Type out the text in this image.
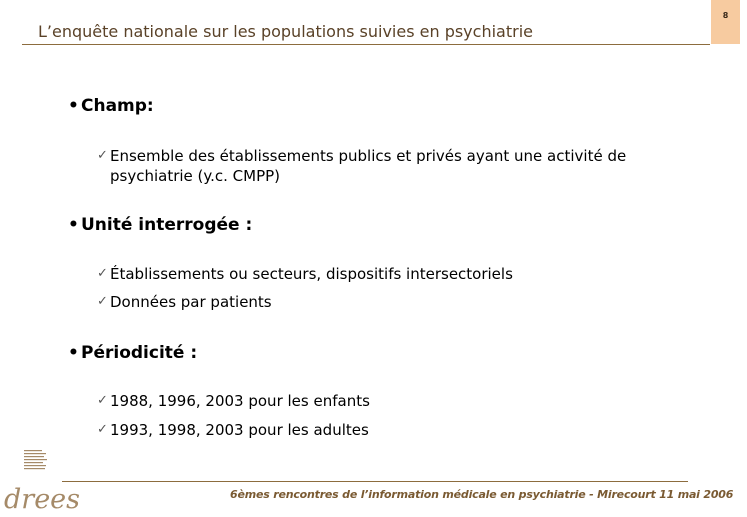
L’enquête nationale sur les populations suivies en psychiatrie
8
• Champ:
✓ Ensemble des établissements publics et privés ayant une activité de
psychiatrie (y.c. CMPP)
• Unité interrogée :
✓ Établissements ou secteurs, dispositifs intersectoriels
✓ Données par patients
• Périodicité :
✓ 1988, 1996, 2003 pour les enfants
✓ 1993, 1998, 2003 pour les adultes
drees	6èmes rencontres de l’information médicale en psychiatrie - Mirecourt 11 mai 2006
